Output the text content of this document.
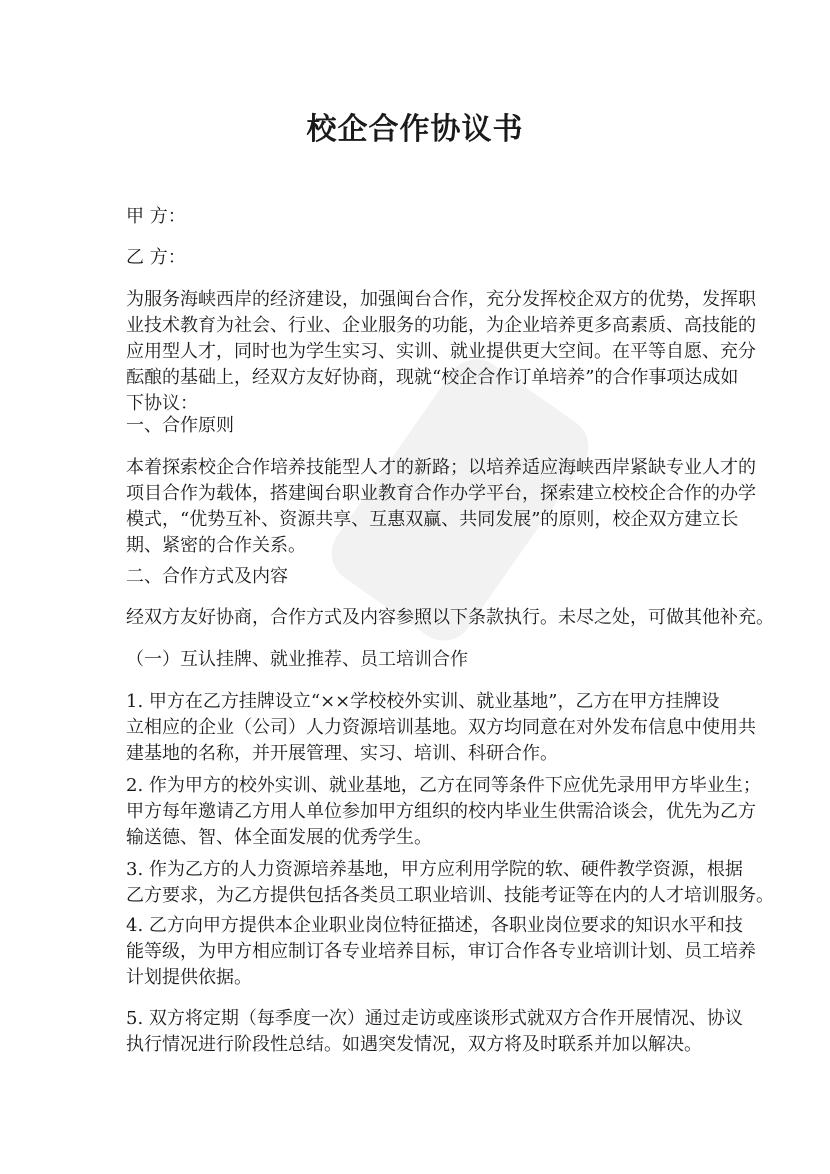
校企合作协议书
甲 方：
乙 方：
为服务海峡西岸的经济建设，加强闽台合作，充分发挥校企双方的优势，发挥职
业技术教育为社会、行业、企业服务的功能，为企业培养更多高素质、高技能的
应用型人才，同时也为学生实习、实训、就业提供更大空间。在平等自愿、充分
酝酿的基础上，经双方友好协商，现就“校企合作订单培养”的合作事项达成如
下协议：
一、合作原则
本着探索校企合作培养技能型人才的新路；以培养适应海峡西岸紧缺专业人才的
项目合作为载体，搭建闽台职业教育合作办学平台，探索建立校校企合作的办学
模式，“优势互补、资源共享、互惠双赢、共同发展”的原则，校企双方建立长
期、紧密的合作关系。
二、合作方式及内容
经双方友好协商，合作方式及内容参照以下条款执行。未尽之处，可做其他补充。
（一）互认挂牌、就业推荐、员工培训合作
1. 甲方在乙方挂牌设立“××学校校外实训、就业基地”，乙方在甲方挂牌设
立相应的企业（公司）人力资源培训基地。双方均同意在对外发布信息中使用共
建基地的名称，并开展管理、实习、培训、科研合作。
2. 作为甲方的校外实训、就业基地，乙方在同等条件下应优先录用甲方毕业生；
甲方每年邀请乙方用人单位参加甲方组织的校内毕业生供需洽谈会，优先为乙方
输送德、智、体全面发展的优秀学生。
3. 作为乙方的人力资源培养基地，甲方应利用学院的软、硬件教学资源，根据
乙方要求，为乙方提供包括各类员工职业培训、技能考证等在内的人才培训服务。
4. 乙方向甲方提供本企业职业岗位特征描述，各职业岗位要求的知识水平和技
能等级，为甲方相应制订各专业培养目标，审订合作各专业培训计划、员工培养
计划提供依据。
5. 双方将定期（每季度一次）通过走访或座谈形式就双方合作开展情况、协议
执行情况进行阶段性总结。如遇突发情况，双方将及时联系并加以解决。
